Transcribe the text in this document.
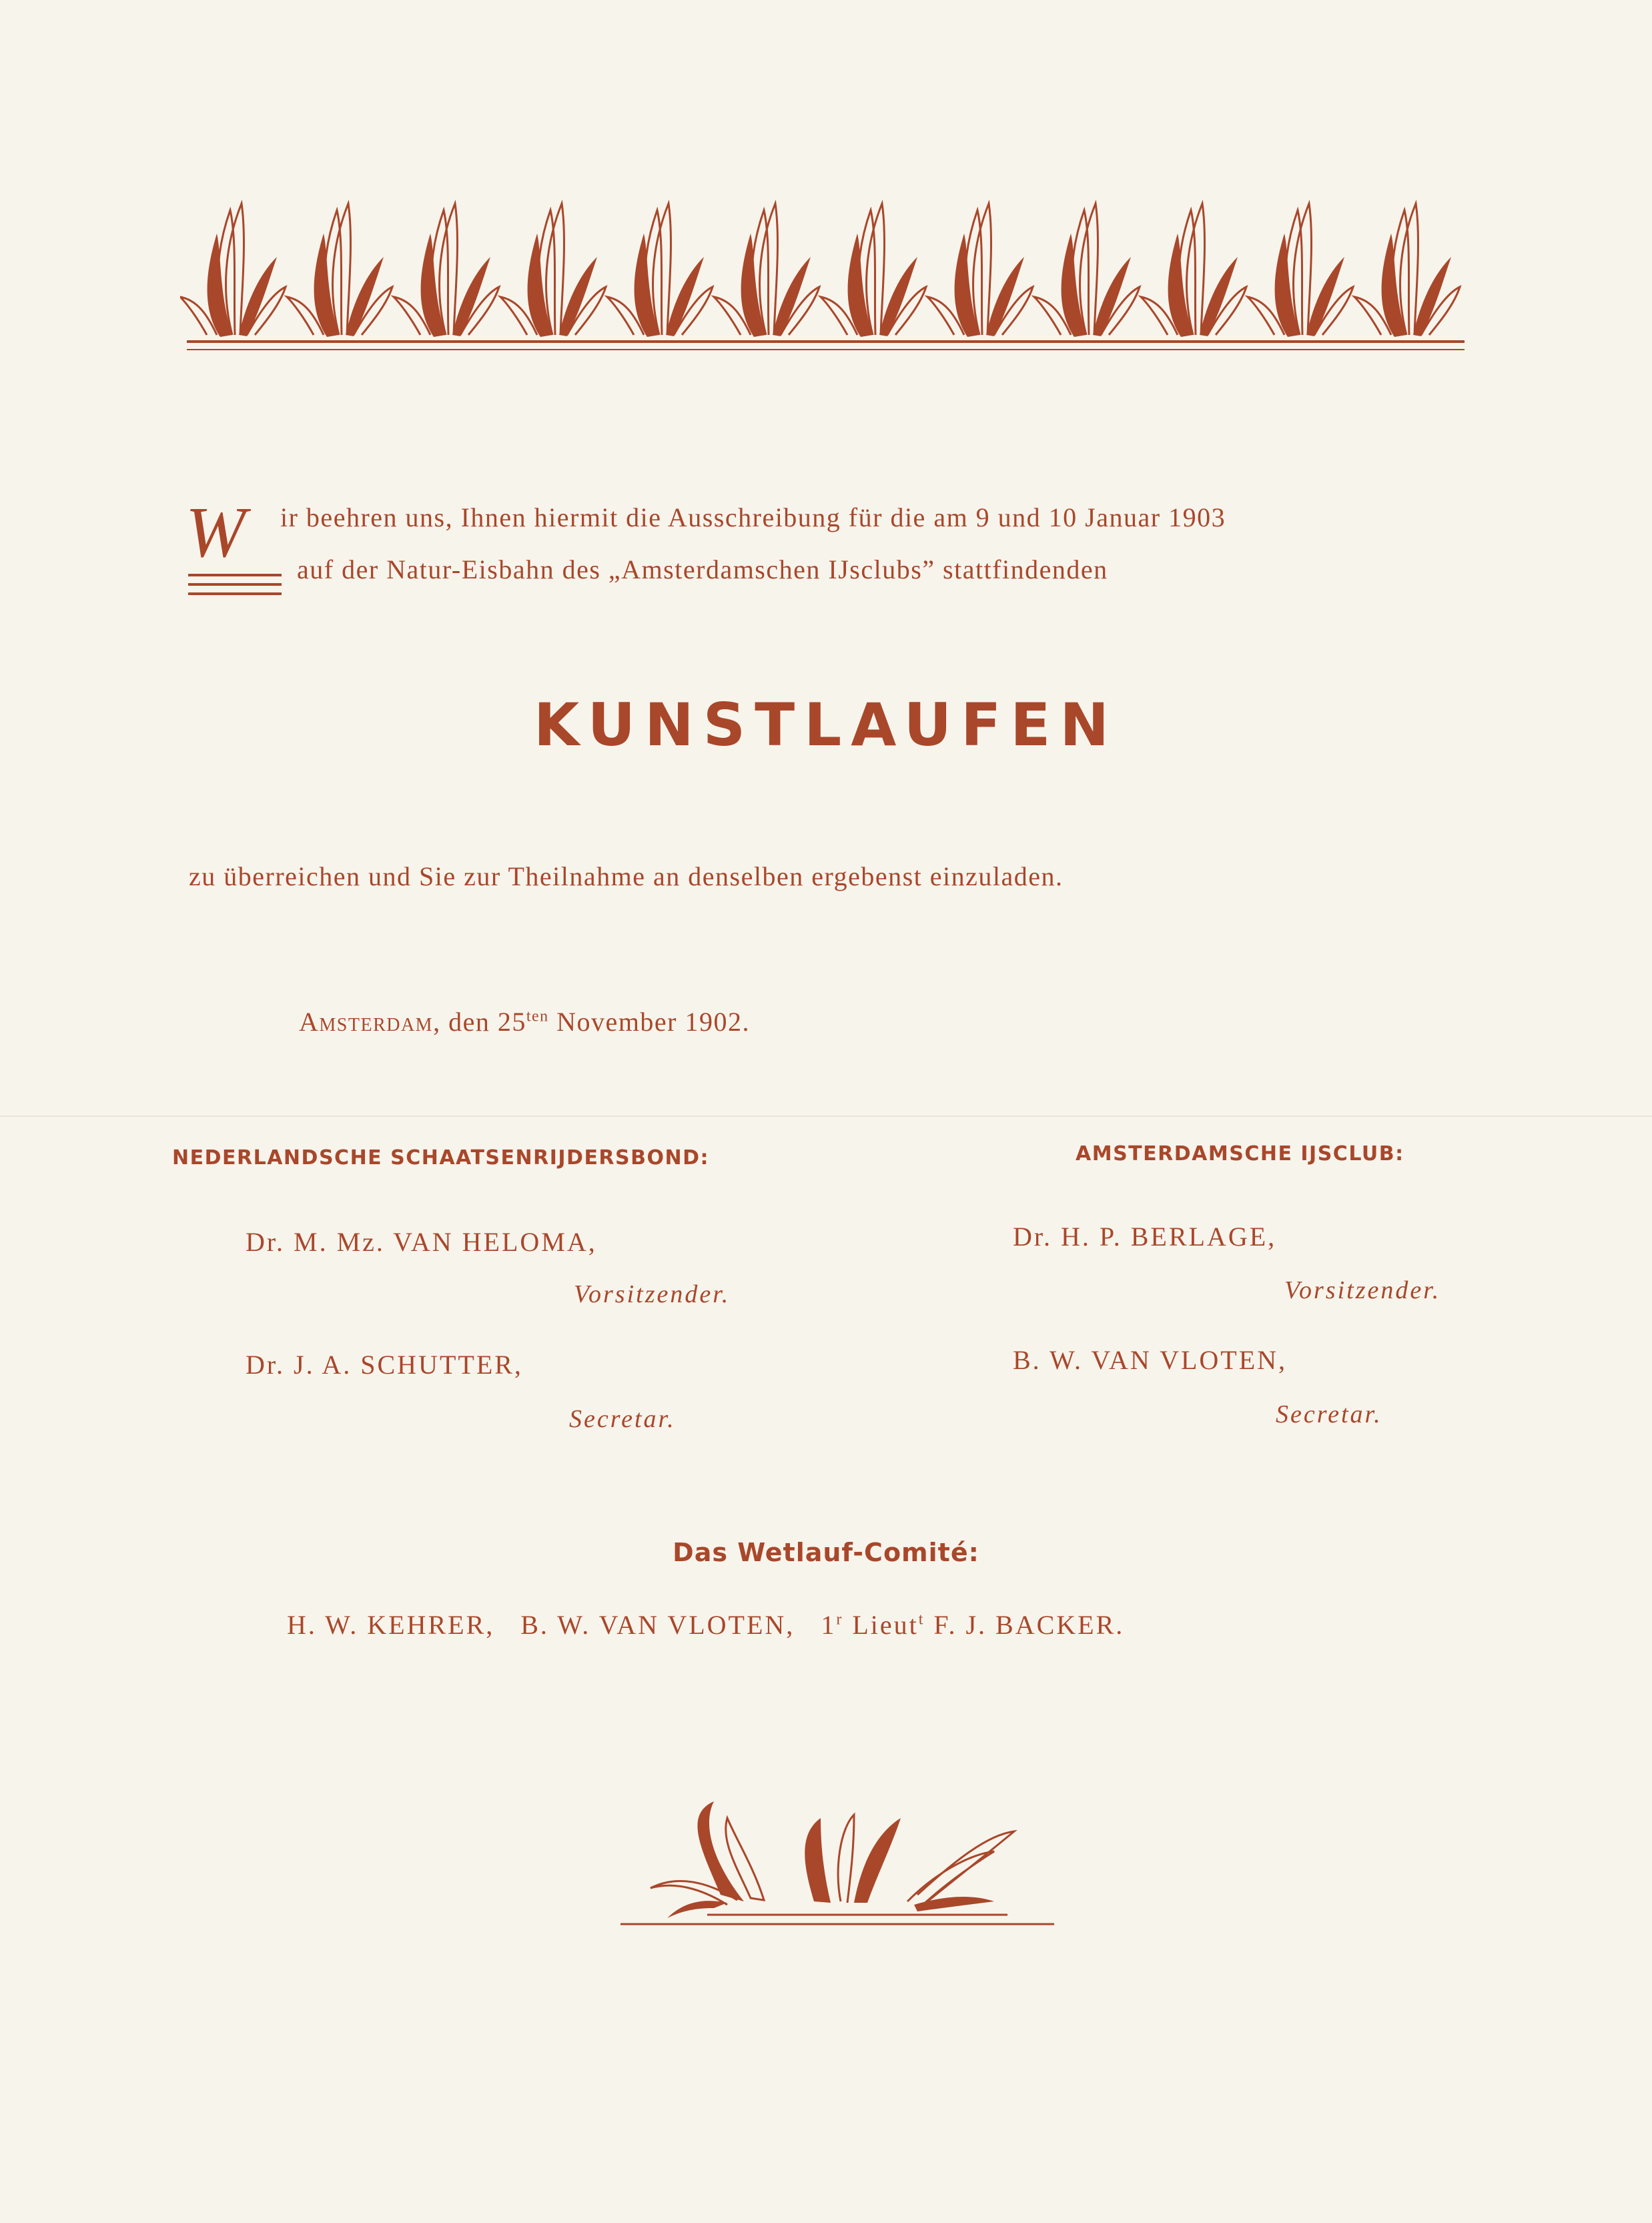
W ir beehren uns, Ihnen hiermit die Ausschreibung für die am 9 und 10 Januar 1903
auf der Natur-Eisbahn des „Amsterdamschen IJsclubs” stattfindenden
KUNSTLAUFEN
zu überreichen und Sie zur Theilnahme an denselben ergebenst einzuladen.
Amsterdam, den $25^{ten}$ November 1902.
NEDERLANDSCHE SCHAATSENRIJDERSBOND:
Dr. M. Mz. VAN HELOMA,
Vorsitzender.
Dr. J. A. SCHUTTER,
Secretar.
AMSTERDAMSCHE IJSCLUB:
Dr. H. P. BERLAGE,
Vorsitzender.
B. W. VAN VLOTEN,
Secretar.
Das Wetlauf-Comité:
H. W. KEHRER, B. W. VAN VLOTEN, 1$^r$ Lieut$^t$ F. J. BACKER.
